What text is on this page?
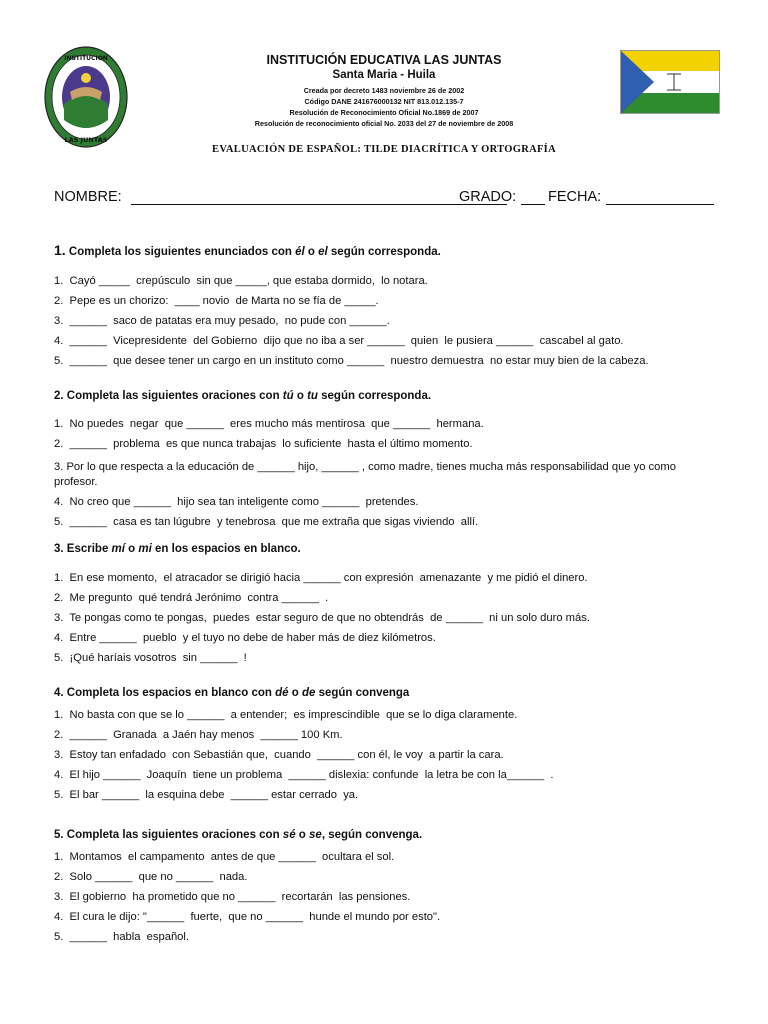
INSTITUCION
LAS JUNTAS
INSTITUCIÓN EDUCATIVA LAS JUNTAS
Santa Maria - Huila
Creada por decreto 1483 noviembre 26 de 2002
Código DANE 241676000132 NIT 813.012.135-7
Resolución de Reconocimiento Oficial No.1869 de 2007
Resolución de reconocimiento oficial No. 2033 del 27 de noviembre de 2008
EVALUACIÓN DE ESPAÑOL: TILDE DIACRÍTICA Y ORTOGRAFÍA
NOMBRE:	GRADO: FECHA:
1. Completa los siguientes enunciados con él o el según corresponda.
1.  Cayó _____  crepúsculo  sin que _____, que estaba dormido,  lo notara.
2.  Pepe es un chorizo:  ____ novio  de Marta no se fía de _____.
3.  ______  saco de patatas era muy pesado,  no pude con ______.
4.  ______  Vicepresidente  del Gobierno  dijo que no iba a ser ______  quien  le pusiera ______  cascabel al gato.
5.  ______  que desee tener un cargo en un instituto como ______  nuestro demuestra  no estar muy bien de la cabeza.
2. Completa las siguientes oraciones con tú o tu según corresponda.
1.  No puedes  negar  que ______  eres mucho más mentirosa  que ______  hermana.
2.  ______  problema  es que nunca trabajas  lo suficiente  hasta el último momento.
3. Por lo que respecta a la educación de ______ hijo, ______ , como madre, tienes mucha más responsabilidad que yo como profesor.
4.  No creo que ______  hijo sea tan inteligente como ______  pretendes.
5.  ______  casa es tan lúgubre  y tenebrosa  que me extraña que sigas viviendo  allí.
3. Escribe mí o mi en los espacios en blanco.
1.  En ese momento,  el atracador se dirigió hacia ______ con expresión  amenazante  y me pidió el dinero.
2.  Me pregunto  qué tendrá Jerónimo  contra ______  .
3.  Te pongas como te pongas,  puedes  estar seguro de que no obtendrás  de ______  ni un solo duro más.
4.  Entre ______  pueblo  y el tuyo no debe de haber más de diez kilómetros.
5.  ¡Qué haríais vosotros  sin ______  !
4. Completa los espacios en blanco con dé o de según convenga
1.  No basta con que se lo ______  a entender;  es imprescindible  que se lo diga claramente.
2.  ______  Granada  a Jaén hay menos  ______ 100 Km.
3.  Estoy tan enfadado  con Sebastián que,  cuando  ______ con él, le voy  a partir la cara.
4.  El hijo ______  Joaquín  tiene un problema  ______ dislexia: confunde  la letra be con la______  .
5.  El bar ______  la esquina debe  ______ estar cerrado  ya.
5. Completa las siguientes oraciones con sé o se, según convenga.
1.  Montamos  el campamento  antes de que ______  ocultara el sol.
2.  Solo ______  que no ______  nada.
3.  El gobierno  ha prometido que no ______  recortarán  las pensiones.
4.  El cura le dijo: "______  fuerte,  que no ______  hunde el mundo por esto".
5.  ______  habla  español.
